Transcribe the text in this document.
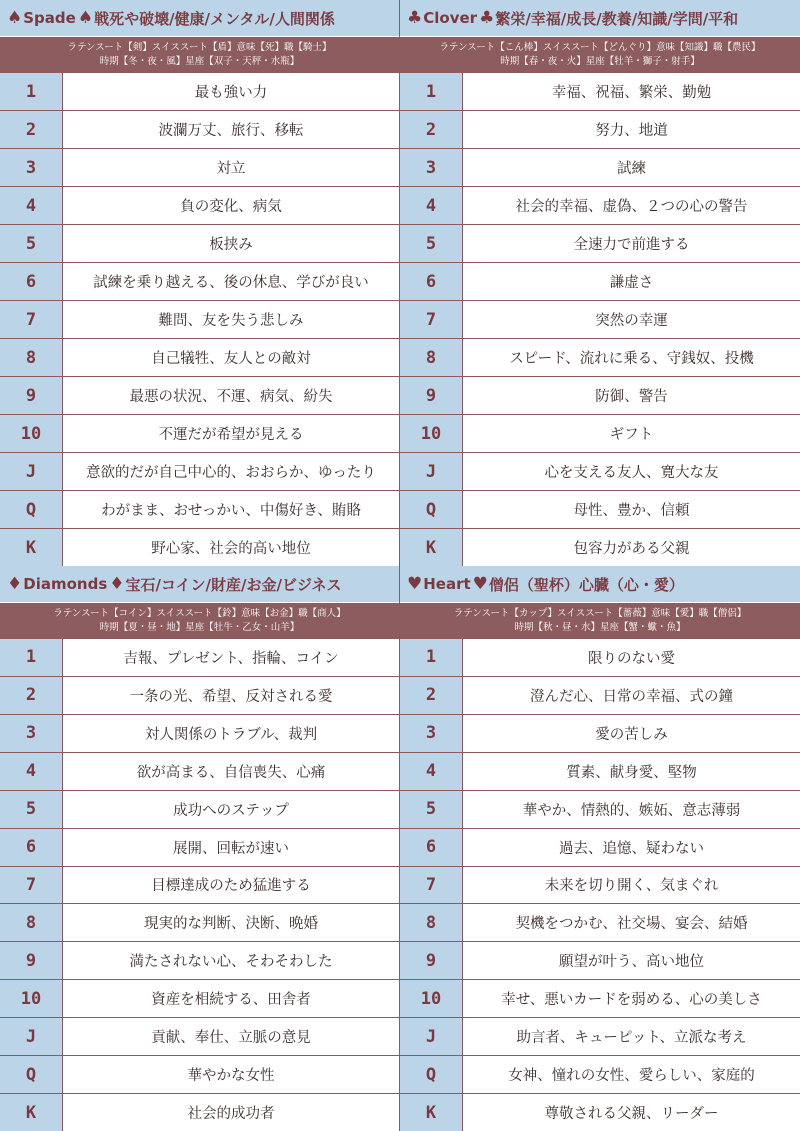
♠ Spade ♠ 戦死や破壊/健康/メンタル/人間関係
ラテンスート【剣】スイススート【盾】意味【死】職【騎士】
時期【冬・夜・風】星座【双子・天秤・水瓶】
1	最も強い力
2	波瀾万丈、旅行、移転
3	対立
4	負の変化、病気
5	板挟み
6	試練を乗り越える、後の休息、学びが良い
7	難問、友を失う悲しみ
8	自己犠牲、友人との敵対
9	最悪の状況、不運、病気、紛失
10	不運だが希望が見える
J	意欲的だが自己中心的、おおらか、ゆったり
Q	わがまま、おせっかい、中傷好き、賄賂
K	野心家、社会的高い地位
♣ Clover ♣ 繁栄/幸福/成長/教養/知識/学問/平和
ラテンスート【こん棒】スイススート【どんぐり】意味【知識】職【農民】
時期【春・夜・火】星座【牡羊・獅子・射手】
1	幸福、祝福、繁栄、勤勉
2	努力、地道
3	試練
4	社会的幸福、虚偽、２つの心の警告
5	全速力で前進する
6	謙虚さ
7	突然の幸運
8	スピード、流れに乗る、守銭奴、投機
9	防御、警告
10	ギフト
J	心を支える友人、寛大な友
Q	母性、豊か、信頼
K	包容力がある父親
♦ Diamonds ♦ 宝石/コイン/財産/お金/ビジネス
ラテンスート【コイン】スイススート【鈴】意味【お金】職【商人】
時期【夏・昼・地】星座【牡牛・乙女・山羊】
1	吉報、プレゼント、指輪、コイン
2	一条の光、希望、反対される愛
3	対人関係のトラブル、裁判
4	欲が高まる、自信喪失、心痛
5	成功へのステップ
6	展開、回転が速い
7	目標達成のため猛進する
8	現実的な判断、決断、晩婚
9	満たされない心、そわそわした
10	資産を相続する、田舎者
J	貢献、奉仕、立脈の意見
Q	華やかな女性
K	社会的成功者
♥ Heart ♥ 僧侶（聖杯）心臓（心・愛）
ラテンスート【カップ】スイススート【薔薇】意味【愛】職【僧侶】
時期【秋・昼・水】星座【蟹・蠍・魚】
1	限りのない愛
2	澄んだ心、日常の幸福、式の鐘
3	愛の苦しみ
4	質素、献身愛、堅物
5	華やか、情熱的、嫉妬、意志薄弱
6	過去、追憶、疑わない
7	未来を切り開く、気まぐれ
8	契機をつかむ、社交場、宴会、結婚
9	願望が叶う、高い地位
10	幸せ、悪いカードを弱める、心の美しさ
J	助言者、キューピット、立派な考え
Q	女神、憧れの女性、愛らしい、家庭的
K	尊敬される父親、リーダー
